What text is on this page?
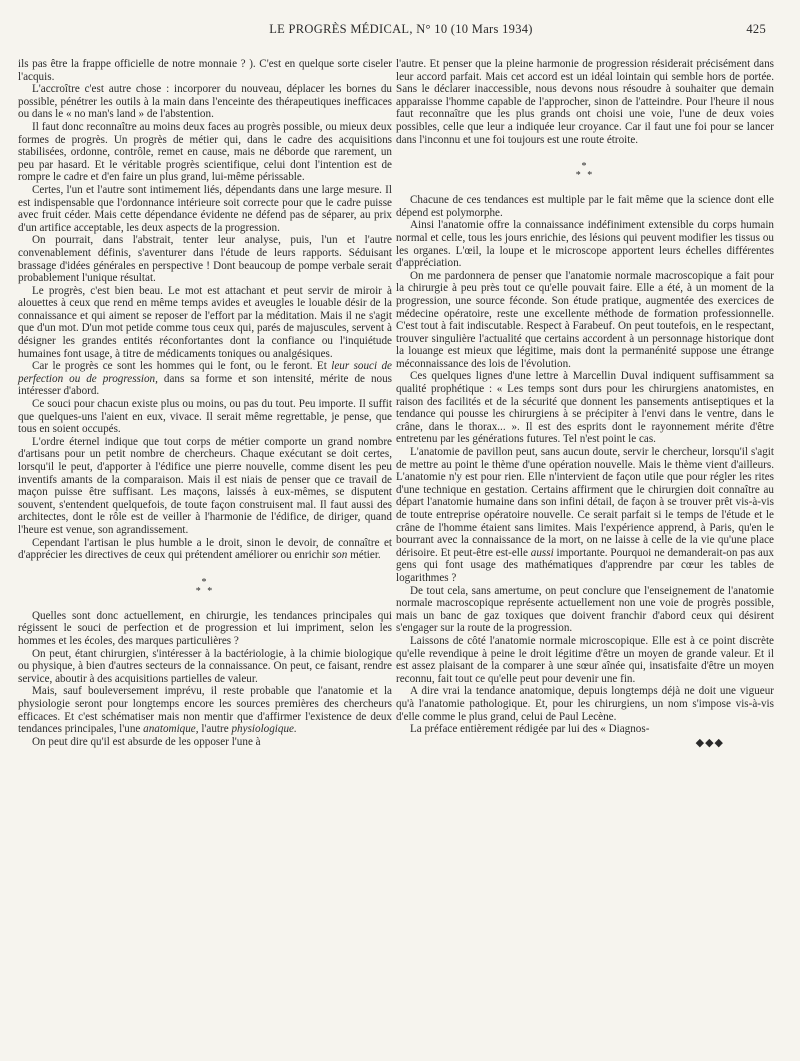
LE PROGRÈS MÉDICAL, N° 10 (10 Mars 1934)	425

ils pas être la frappe officielle de notre monnaie ? ). C'est en quelque sorte ciseler l'acquis.

L'accroître c'est autre chose : incorporer du nouveau, déplacer les bornes du possible, pénétrer les outils à la main dans l'enceinte des thérapeutiques inefficaces ou dans le « no man's land » de l'abstention.

Il faut donc reconnaître au moins deux faces au progrès possible, ou mieux deux formes de progrès. Un progrès de métier qui, dans le cadre des acquisitions stabilisées, ordonne, contrôle, remet en cause, mais ne déborde que rarement, un peu par hasard. Et le véritable progrès scientifique, celui dont l'intention est de rompre le cadre et d'en faire un plus grand, lui-même périssable.

Certes, l'un et l'autre sont intimement liés, dépendants dans une large mesure. Il est indispensable que l'ordonnance intérieure soit correcte pour que le cadre puisse avec fruit céder. Mais cette dépendance évidente ne défend pas de séparer, au prix d'un artifice acceptable, les deux aspects de la progression.

On pourrait, dans l'abstrait, tenter leur analyse, puis, l'un et l'autre convenablement définis, s'aventurer dans l'étude de leurs rapports. Séduisant brassage d'idées générales en perspective ! Dont beaucoup de pompe verbale serait probablement l'unique résultat.

Le progrès, c'est bien beau. Le mot est attachant et peut servir de miroir à alouettes à ceux que rend en même temps avides et aveugles le louable désir de la connaissance et qui aiment se reposer de l'effort par la méditation. Mais il ne s'agit que d'un mot. D'un mot petide comme tous ceux qui, parés de majuscules, servent à désigner les grandes entités réconfortantes dont la confiance ou l'inquiétude humaines font usage, à titre de médicaments toniques ou analgésiques.

Car le progrès ce sont les hommes qui le font, ou le feront. Et leur souci de perfection ou de progression, dans sa forme et son intensité, mérite de nous intéresser d'abord.

Ce souci pour chacun existe plus ou moins, ou pas du tout. Peu importe. Il suffit que quelques-uns l'aient en eux, vivace. Il serait même regrettable, je pense, que tous en soient occupés.

L'ordre éternel indique que tout corps de métier comporte un grand nombre d'artisans pour un petit nombre de chercheurs. Chaque exécutant se doit certes, lorsqu'il le peut, d'apporter à l'édifice une pierre nouvelle, comme disent les peu inventifs amants de la comparaison. Mais il est niais de penser que ce travail de maçon puisse être suffisant. Les maçons, laissés à eux-mêmes, se disputent souvent, s'entendent quelquefois, de toute façon construisent mal. Il faut aussi des architectes, dont le rôle est de veiller à l'harmonie de l'édifice, de diriger, quand l'heure est venue, son agrandissement.

Cependant l'artisan le plus humble a le droit, sinon le devoir, de connaître et d'apprécier les directives de ceux qui prétendent améliorer ou enrichir son métier.

*
* *

Quelles sont donc actuellement, en chirurgie, les tendances principales qui régissent le souci de perfection et de progression et lui impriment, selon les hommes et les écoles, des marques particulières ?

On peut, étant chirurgien, s'intéresser à la bactériologie, à la chimie biologique ou physique, à bien d'autres secteurs de la connaissance. On peut, ce faisant, rendre service, aboutir à des acquisitions partielles de valeur.

Mais, sauf bouleversement imprévu, il reste probable que l'anatomie et la physiologie seront pour longtemps encore les sources premières des chercheurs efficaces. Et c'est schématiser mais non mentir que d'affirmer l'existence de deux tendances principales, l'une anatomique, l'autre physiologique.

On peut dire qu'il est absurde de les opposer l'une à

l'autre. Et penser que la pleine harmonie de progression résiderait précisément dans leur accord parfait. Mais cet accord est un idéal lointain qui semble hors de portée. Sans le déclarer inaccessible, nous devons nous résoudre à souhaiter que demain apparaisse l'homme capable de l'approcher, sinon de l'atteindre. Pour l'heure il nous faut reconnaître que les plus grands ont choisi une voie, l'une de deux voies possibles, celle que leur a indiquée leur croyance. Car il faut une foi pour se lancer dans l'inconnu et une foi toujours est une route étroite.

*
* *

Chacune de ces tendances est multiple par le fait même que la science dont elle dépend est polymorphe.

Ainsi l'anatomie offre la connaissance indéfiniment extensible du corps humain normal et celle, tous les jours enrichie, des lésions qui peuvent modifier les tissus ou les organes. L'œil, la loupe et le microscope apportent leurs échelles différentes d'appréciation.

On me pardonnera de penser que l'anatomie normale macroscopique a fait pour la chirurgie à peu près tout ce qu'elle pouvait faire. Elle a été, à un moment de la progression, une source féconde. Son étude pratique, augmentée des exercices de médecine opératoire, reste une excellente méthode de formation professionnelle. C'est tout à fait indiscutable. Respect à Farabeuf. On peut toutefois, en le respectant, trouver singulière l'actualité que certains accordent à un personnage historique dont la louange est mieux que légitime, mais dont la permanénité suppose une étrange méconnaissance des lois de l'évolution.

Ces quelques lignes d'une lettre à Marcellin Duval indiquent suffisamment sa qualité prophétique : « Les temps sont durs pour les chirurgiens anatomistes, en raison des facilités et de la sécurité que donnent les pansements antiseptiques et la tendance qui pousse les chirurgiens à se précipiter à l'envi dans le ventre, dans le crâne, dans le thorax... ». Il est des esprits dont le rayonnement mérite d'être entretenu par les générations futures. Tel n'est point le cas.

L'anatomie de pavillon peut, sans aucun doute, servir le chercheur, lorsqu'il s'agit de mettre au point le thème d'une opération nouvelle. Mais le thème vient d'ailleurs. L'anatomie n'y est pour rien. Elle n'intervient de façon utile que pour régler les rites d'une technique en gestation. Certains affirment que le chirurgien doit connaître au départ l'anatomie humaine dans son infini détail, de façon à se trouver prêt vis-à-vis de toute entreprise opératoire nouvelle. Ce serait parfait si le temps de l'étude et le crâne de l'homme étaient sans limites. Mais l'expérience apprend, à Paris, qu'en le bourrant avec la connaissance de la mort, on ne laisse à celle de la vie qu'une place dérisoire. Et peut-être est-elle aussi importante. Pourquoi ne demanderait-on pas aux gens qui font usage des mathématiques d'apprendre par cœur les tables de logarithmes ?

De tout cela, sans amertume, on peut conclure que l'enseignement de l'anatomie normale macroscopique représente actuellement non une voie de progrès possible, mais un banc de gaz toxiques que doivent franchir d'abord ceux qui désirent s'engager sur la route de la progression.

Laissons de côté l'anatomie normale microscopique. Elle est à ce point discrète qu'elle revendique à peine le droit légitime d'être un moyen de grande valeur. Et il est assez plaisant de la comparer à une sœur aînée qui, insatisfaite d'être un moyen reconnu, fait tout ce qu'elle peut pour devenir une fin.

A dire vrai la tendance anatomique, depuis longtemps déjà ne doit une vigueur qu'à l'anatomie pathologique. Et, pour les chirurgiens, un nom s'impose vis-à-vis d'elle comme le plus grand, celui de Paul Lecène.

La préface entièrement rédigée par lui des « Diagnos-

◆◆◆
